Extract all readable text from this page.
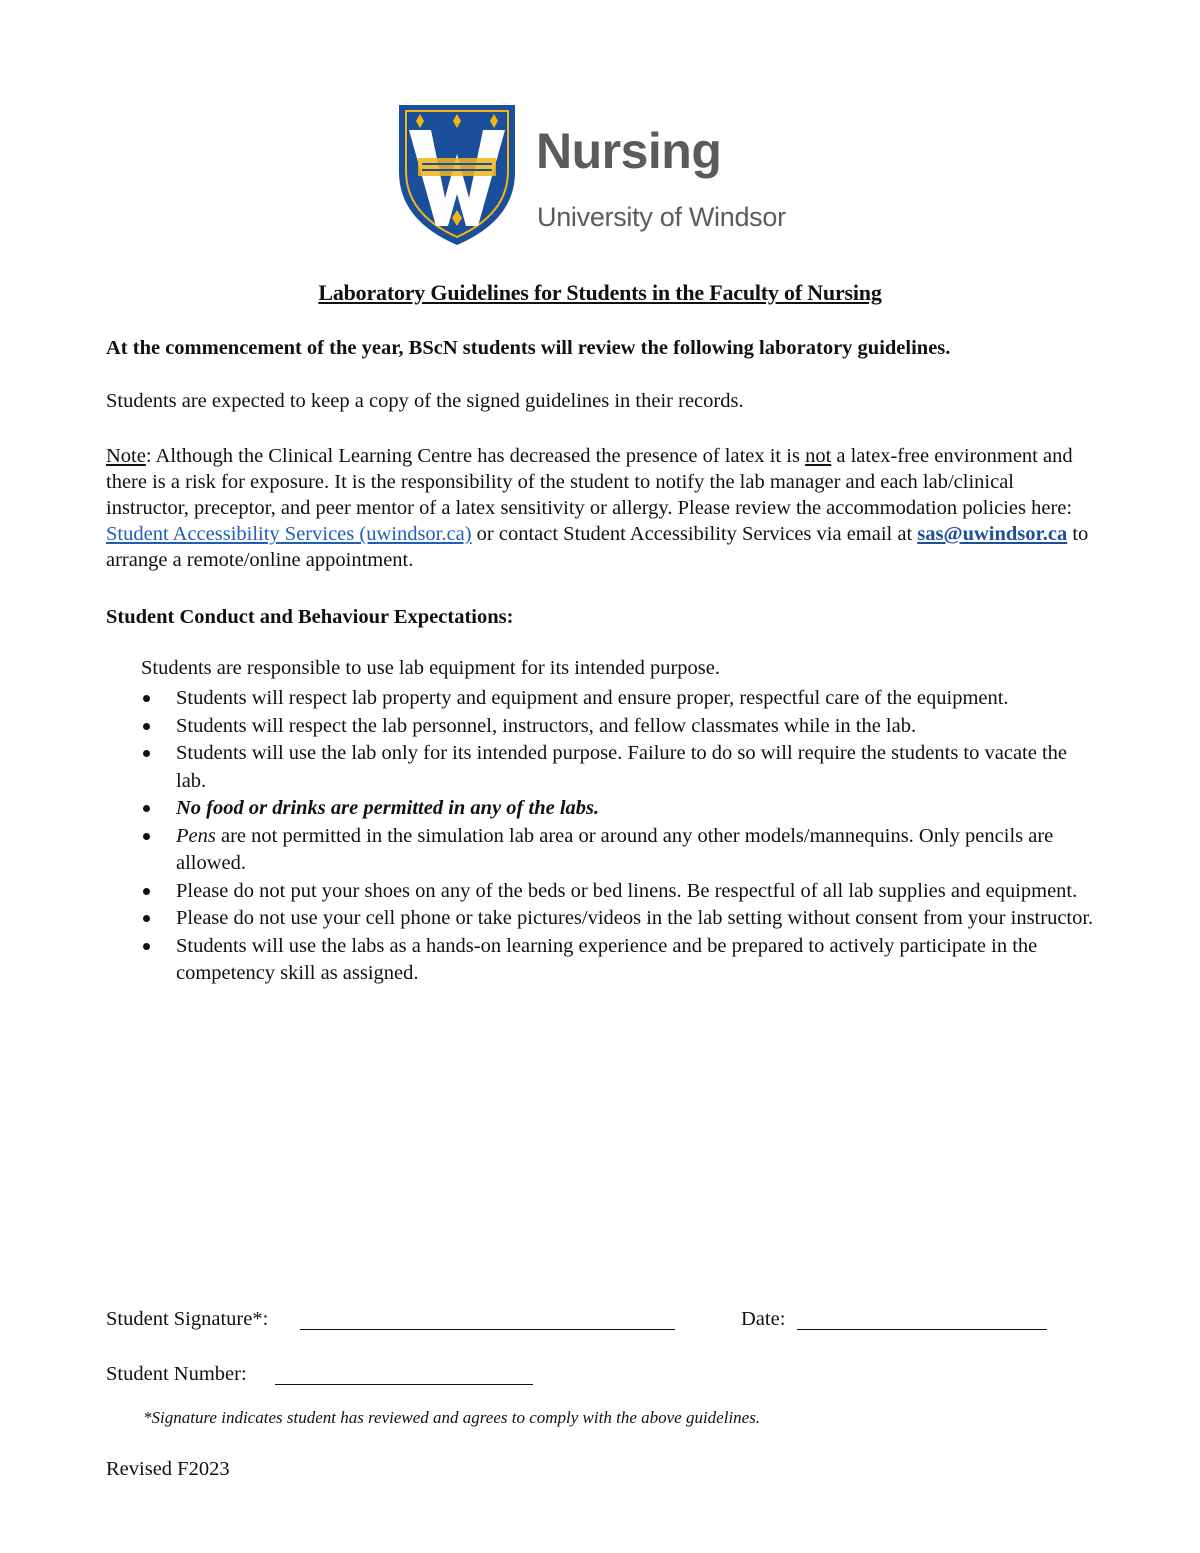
Nursing
University of Windsor
Laboratory Guidelines for Students in the Faculty of Nursing
At the commencement of the year, BScN students will review the following laboratory guidelines.
Students are expected to keep a copy of the signed guidelines in their records.
Note: Although the Clinical Learning Centre has decreased the presence of latex it is not a latex-free environment and there is a risk for exposure. It is the responsibility of the student to notify the lab manager and each lab/clinical instructor, preceptor, and peer mentor of a latex sensitivity or allergy. Please review the accommodation policies here: Student Accessibility Services (uwindsor.ca) or contact Student Accessibility Services via email at sas@uwindsor.ca to arrange a remote/online appointment.
Student Conduct and Behaviour Expectations:
Students are responsible to use lab equipment for its intended purpose.
Students will respect lab property and equipment and ensure proper, respectful care of the equipment.
Students will respect the lab personnel, instructors, and fellow classmates while in the lab.
Students will use the lab only for its intended purpose. Failure to do so will require the students to vacate the lab.
No food or drinks are permitted in any of the labs.
Pens are not permitted in the simulation lab area or around any other models/mannequins. Only pencils are allowed.
Please do not put your shoes on any of the beds or bed linens. Be respectful of all lab supplies and equipment.
Please do not use your cell phone or take pictures/videos in the lab setting without consent from your instructor.
Students will use the labs as a hands-on learning experience and be prepared to actively participate in the competency skill as assigned.
Student Signature*:	Date:
Student Number:
*Signature indicates student has reviewed and agrees to comply with the above guidelines.
Revised F2023
